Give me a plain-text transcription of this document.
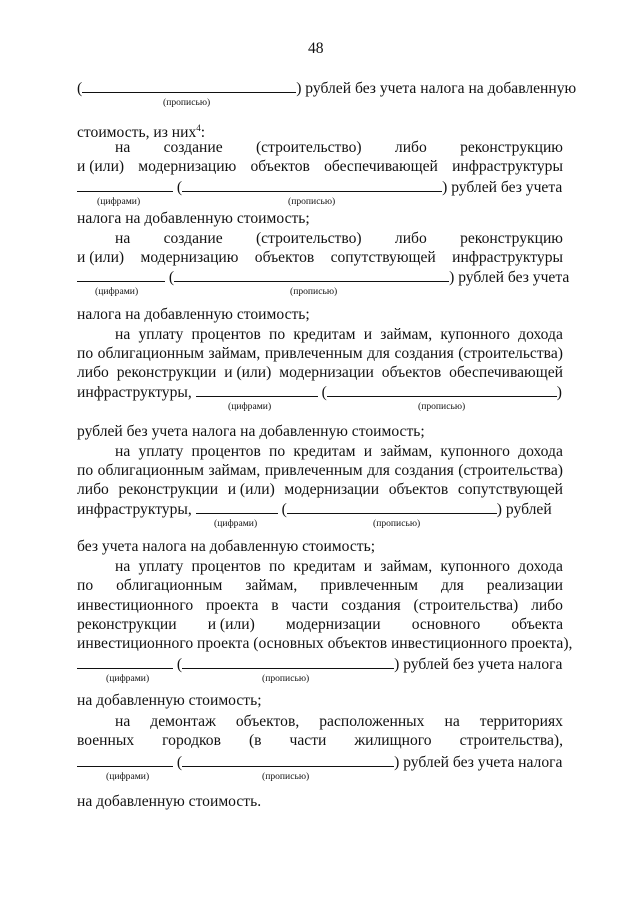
48
(	) рублей без учета налога на добавленную
(прописью)
стоимость, из них$^4$:
на создание (строительство) либо реконструкцию
и (или) модернизацию объектов обеспечивающей инфраструктуры
(	) рублей без учета
(цифрами)	(прописью)
налога на добавленную стоимость;
на создание (строительство) либо реконструкцию
и (или) модернизацию объектов сопутствующей инфраструктуры
(	) рублей без учета
(цифрами)	(прописью)
налога на добавленную стоимость;
на уплату процентов по кредитам и займам, купонного дохода
по облигационным займам, привлеченным для создания (строительства)
либо реконструкции и (или) модернизации объектов обеспечивающей
инфраструктуры,	(	)
(цифрами)	(прописью)
рублей без учета налога на добавленную стоимость;
на уплату процентов по кредитам и займам, купонного дохода
по облигационным займам, привлеченным для создания (строительства)
либо реконструкции и (или) модернизации объектов сопутствующей
инфраструктуры,	(	) рублей
(цифрами)	(прописью)
без учета налога на добавленную стоимость;
на уплату процентов по кредитам и займам, купонного дохода
по облигационным займам, привлеченным для реализации
инвестиционного проекта в части создания (строительства) либо
реконструкции и (или) модернизации основного объекта
инвестиционного проекта (основных объектов инвестиционного проекта),
(	) рублей без учета налога
(цифрами)	(прописью)
на добавленную стоимость;
на демонтаж объектов, расположенных на территориях
военных городков (в части жилищного строительства),
(	) рублей без учета налога
(цифрами)	(прописью)
на добавленную стоимость.
